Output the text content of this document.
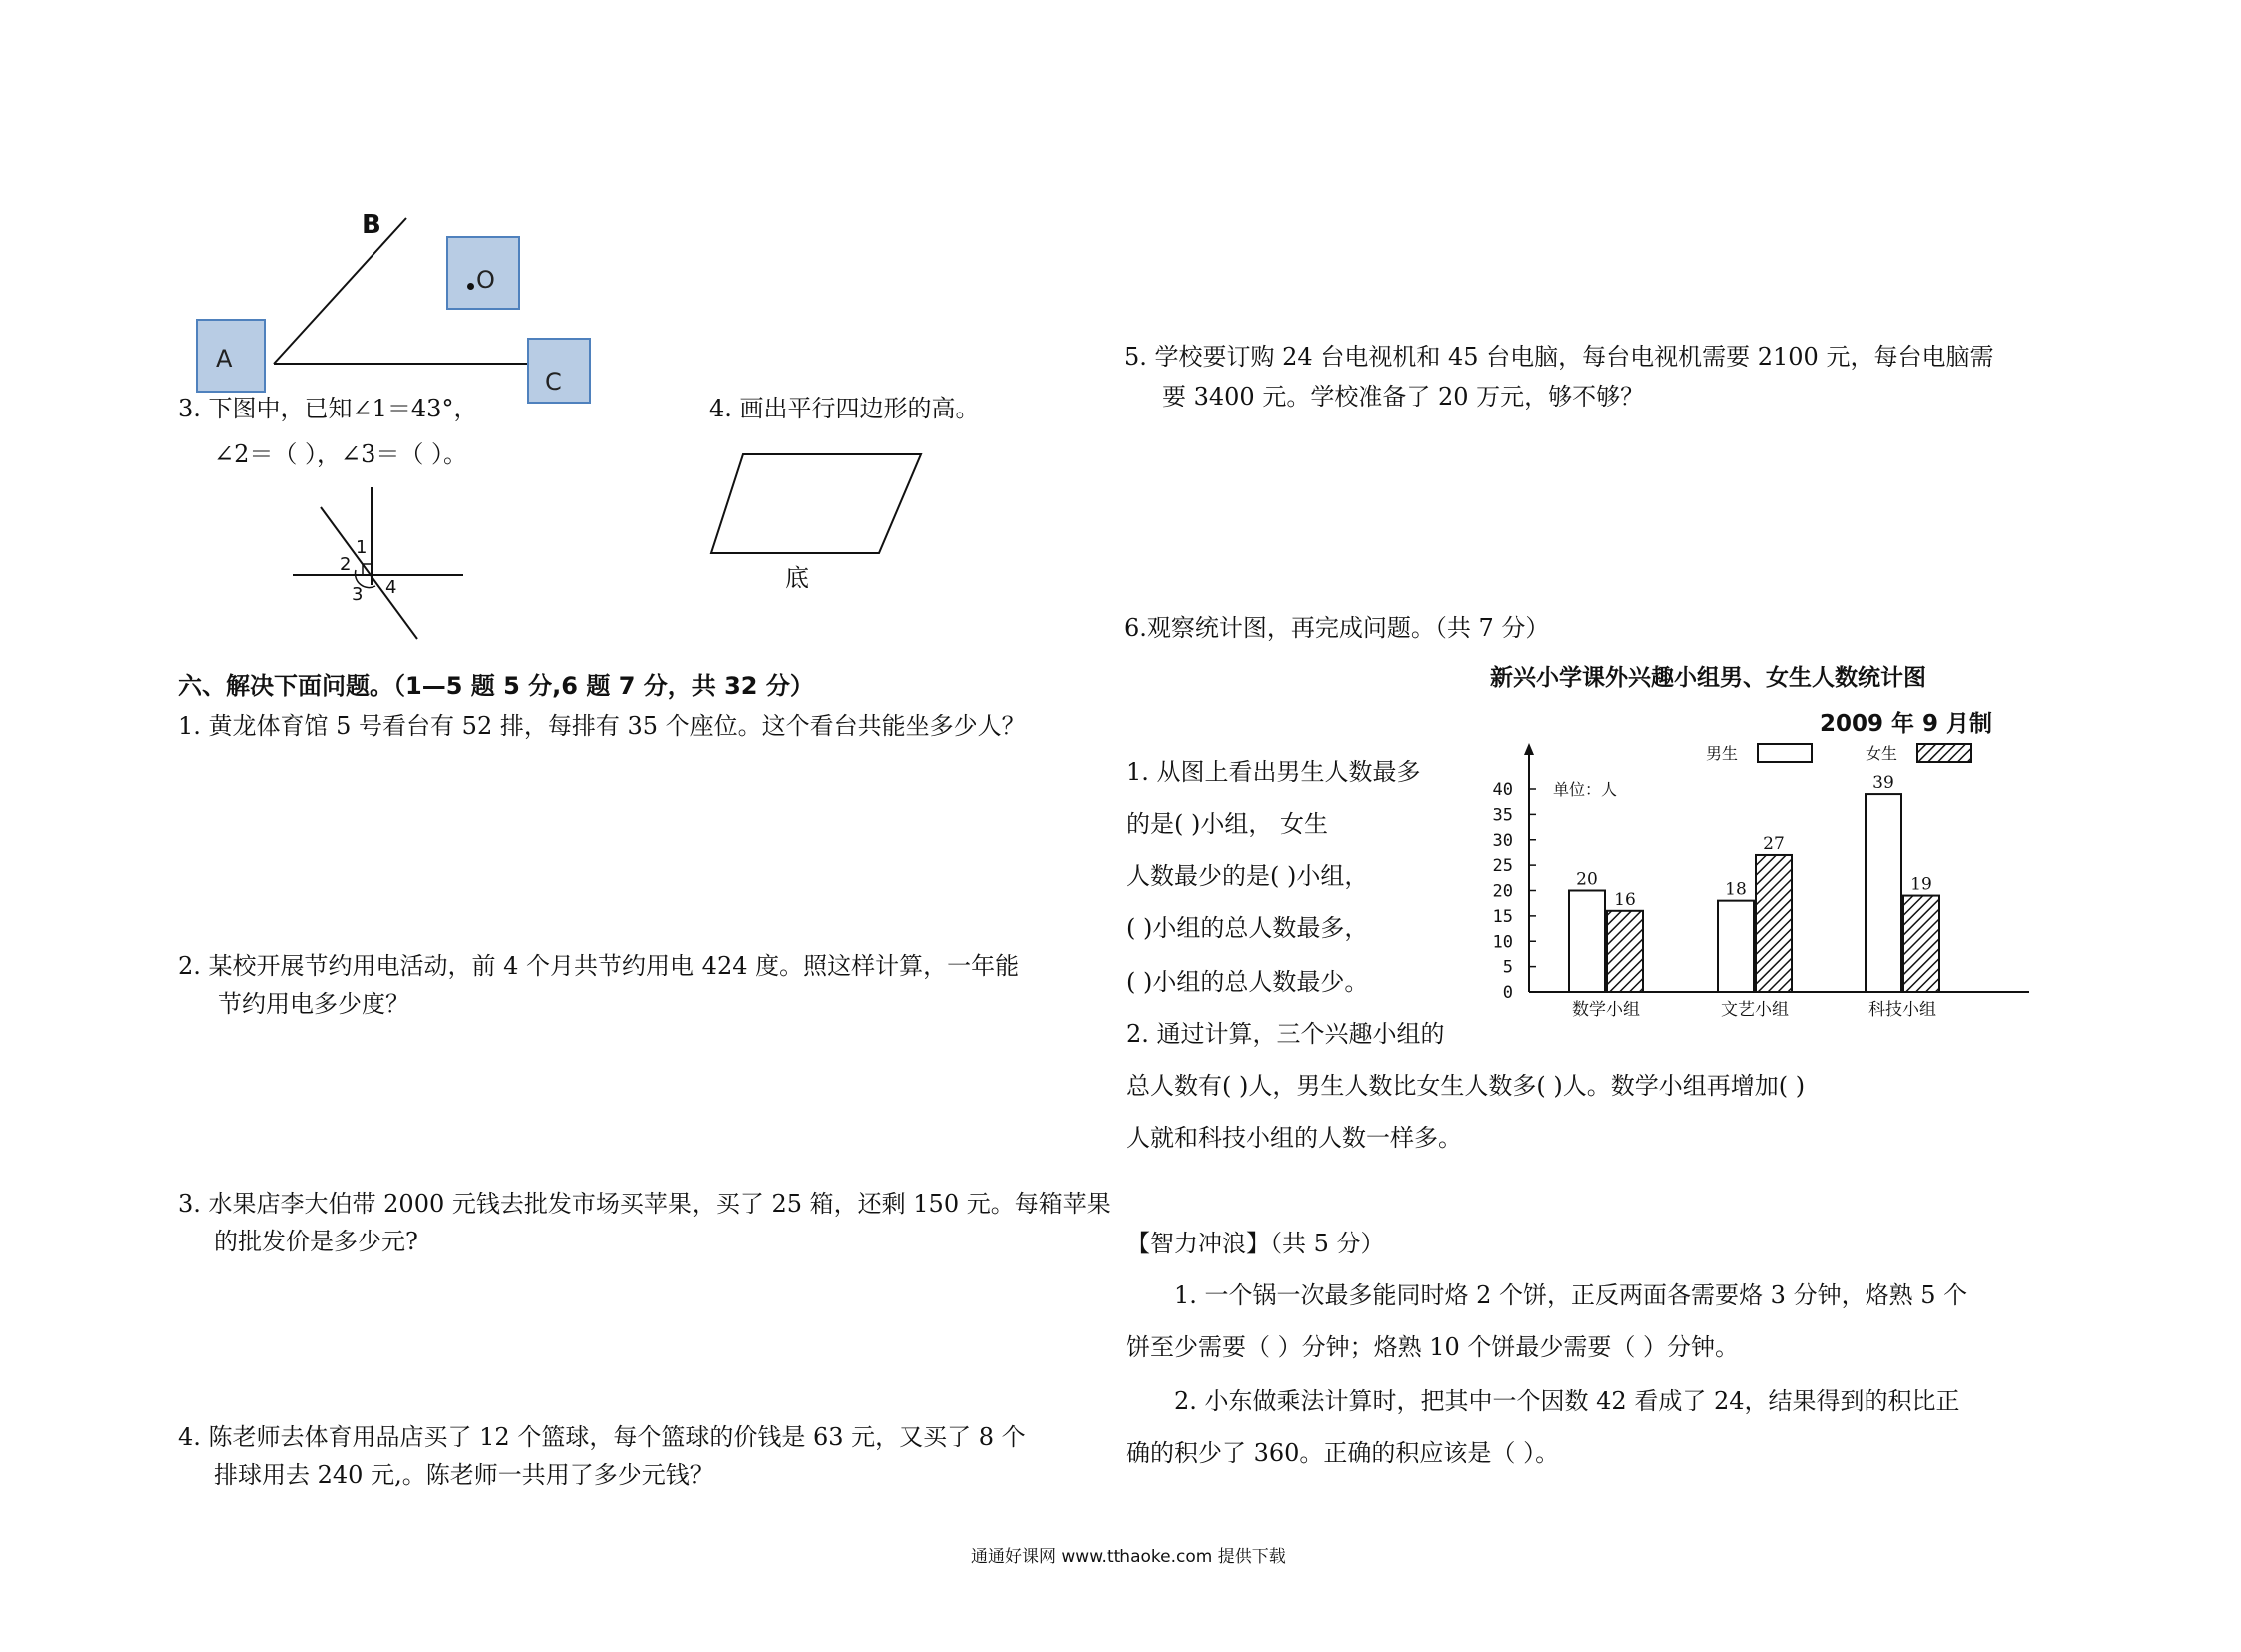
B
A
O
C
3. 下图中，已知∠1＝43°，
∠2＝（ ），∠3＝（ ）。
1
2
3 4
4. 画出平行四边形的高。
底
六、解决下面问题。（1—5 题 5 分,6 题 7 分，共 32 分）
1. 黄龙体育馆 5 号看台有 52 排，每排有 35 个座位。这个看台共能坐多少人？
2. 某校开展节约用电活动，前 4 个月共节约用电 424 度。照这样计算，一年能
节约用电多少度？
3. 水果店李大伯带 2000 元钱去批发市场买苹果，买了 25 箱，还剩 150 元。每箱苹果
的批发价是多少元?
4. 陈老师去体育用品店买了 12 个篮球，每个篮球的价钱是 63 元，又买了 8 个
排球用去 240 元,。陈老师一共用了多少元钱？
5. 学校要订购 24 台电视机和 45 台电脑，每台电视机需要 2100 元，每台电脑需
要 3400 元。学校准备了 20 万元，够不够？
6.观察统计图，再完成问题。（共 7 分）
1. 从图上看出男生人数最多
的是( )小组， 女生
人数最少的是( )小组，
( )小组的总人数最多，
( )小组的总人数最少。
2. 通过计算，三个兴趣小组的
总人数有( )人，男生人数比女生人数多( )人。数学小组再增加( )
人就和科技小组的人数一样多。
新兴小学课外兴趣小组男、女生人数统计图
2009 年 9 月制
0
5
10
15
20
25
30
35
40	单位：人
20
16
数学小组
18
27
文艺小组
39
19
科技小组
男生	女生
【智力冲浪】（共 5 分）
1. 一个锅一次最多能同时烙 2 个饼，正反两面各需要烙 3 分钟，烙熟 5 个
饼至少需要（ ）分钟；烙熟 10 个饼最少需要（ ）分钟。
2. 小东做乘法计算时，把其中一个因数 42 看成了 24，结果得到的积比正
确的积少了 360。正确的积应该是（ ）。
通通好课网 www.tthaoke.com 提供下载
